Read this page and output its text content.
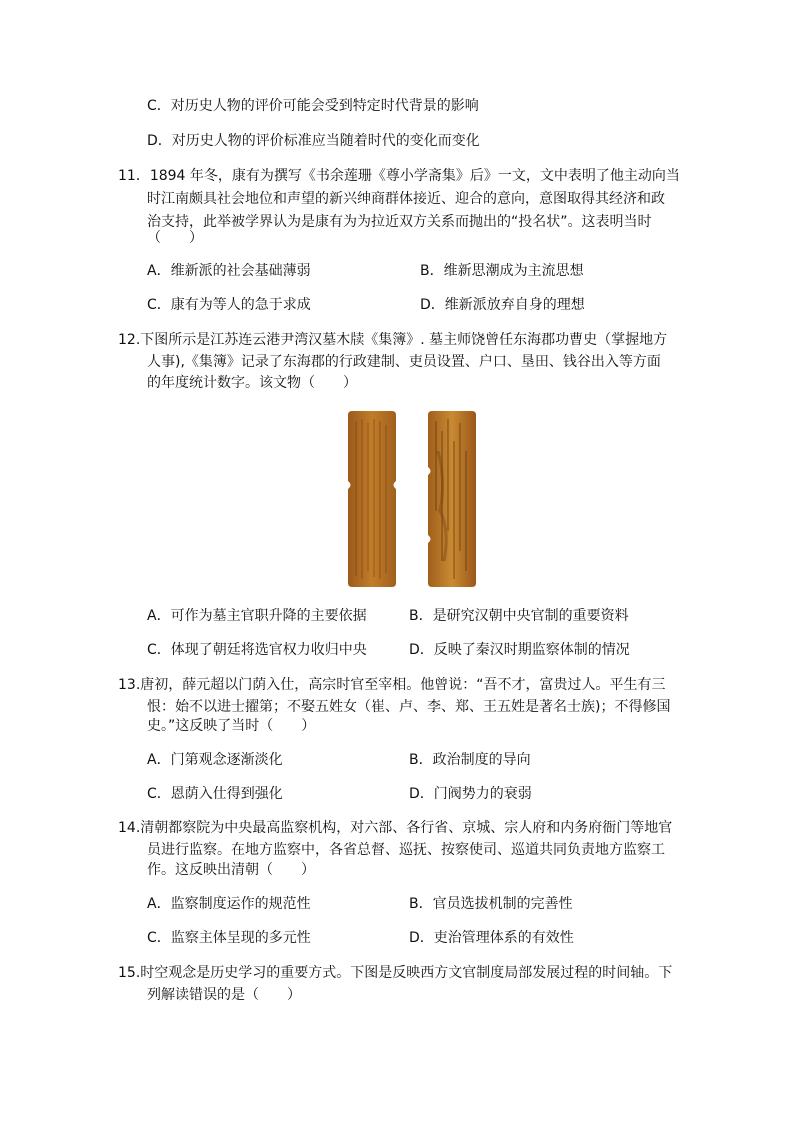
C．对历史人物的评价可能会受到特定时代背景的影响
D．对历史人物的评价标准应当随着时代的变化而变化
11．1894 年冬，康有为撰写《书余莲珊《尊小学斋集》后》一文，文中表明了他主动向当
时江南颇具社会地位和声望的新兴绅商群体接近、迎合的意向，意图取得其经济和政
治支持，此举被学界认为是康有为为拉近双方关系而抛出的“投名状”。这表明当时
（　　）
A．维新派的社会基础薄弱	B．维新思潮成为主流思想
C．康有为等人的急于求成	D．维新派放弃自身的理想
12.下图所示是江苏连云港尹湾汉墓木牍《集簿》. 墓主师饶曾任东海郡功曹史（掌握地方
人事),《集簿》记录了东海郡的行政建制、吏员设置、户口、垦田、钱谷出入等方面
的年度统计数字。该文物（　　）
A．可作为墓主官职升降的主要依据	B．是研究汉朝中央官制的重要资料
C．体现了朝廷将选官权力收归中央	D．反映了秦汉时期监察体制的情况
13.唐初，薛元超以门荫入仕，高宗时官至宰相。他曾说：“吾不才，富贵过人。平生有三
恨：始不以进士擢第；不娶五姓女（崔、卢、李、郑、王五姓是著名士族)；不得修国
史。”这反映了当时（　　）
A．门第观念逐渐淡化	B．政治制度的导向
C．恩荫入仕得到强化	D．门阀势力的衰弱
14.清朝都察院为中央最高监察机构，对六部、各行省、京城、宗人府和内务府衙门等地官
员进行监察。在地方监察中，各省总督、巡抚、按察使司、巡道共同负责地方监察工
作。这反映出清朝（　　）
A．监察制度运作的规范性	B．官员选拔机制的完善性
C．监察主体呈现的多元性	D．吏治管理体系的有效性
15.时空观念是历史学习的重要方式。下图是反映西方文官制度局部发展过程的时间轴。下
列解读错误的是（　　）
